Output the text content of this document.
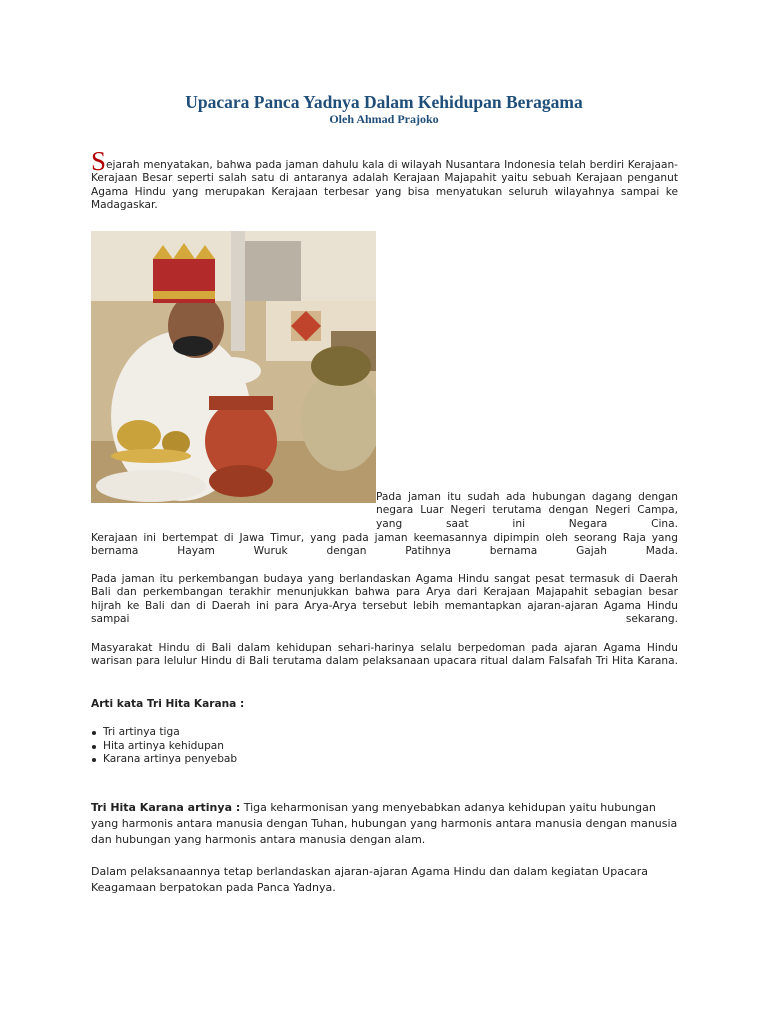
Upacara Panca Yadnya Dalam Kehidupan Beragama
Oleh Ahmad Prajoko

Sejarah menyatakan, bahwa pada jaman dahulu kala di wilayah Nusantara Indonesia telah berdiri Kerajaan-Kerajaan Besar seperti salah satu di antaranya adalah Kerajaan Majapahit yaitu sebuah Kerajaan penganut Agama Hindu yang merupakan Kerajaan terbesar yang bisa menyatukan seluruh wilayahnya sampai ke Madagaskar.

Pada jaman itu sudah ada hubungan dagang dengan negara Luar Negeri terutama dengan Negeri Campa, yang saat ini Negara Cina.

Kerajaan ini bertempat di Jawa Timur, yang pada jaman keemasannya dipimpin oleh seorang Raja yang bernama Hayam Wuruk dengan Patihnya bernama Gajah Mada.

Pada jaman itu perkembangan budaya yang berlandaskan Agama Hindu sangat pesat termasuk di Daerah Bali dan perkembangan terakhir menunjukkan bahwa para Arya dari Kerajaan Majapahit sebagian besar hijrah ke Bali dan di Daerah ini para Arya-Arya tersebut lebih memantapkan ajaran-ajaran Agama Hindu sampai sekarang.

Masyarakat Hindu di Bali dalam kehidupan sehari-harinya selalu berpedoman pada ajaran Agama Hindu warisan para lelulur Hindu di Bali terutama dalam pelaksanaan upacara ritual dalam Falsafah Tri Hita Karana.

Arti kata Tri Hita Karana :
Tri artinya tiga
Hita artinya kehidupan
Karana artinya penyebab

Tri Hita Karana artinya : Tiga keharmonisan yang menyebabkan adanya kehidupan yaitu hubungan yang harmonis antara manusia dengan Tuhan, hubungan yang harmonis antara manusia dengan manusia dan hubungan yang harmonis antara manusia dengan alam.

Dalam pelaksanaannya tetap berlandaskan ajaran-ajaran Agama Hindu dan dalam kegiatan Upacara Keagamaan berpatokan pada Panca Yadnya.
